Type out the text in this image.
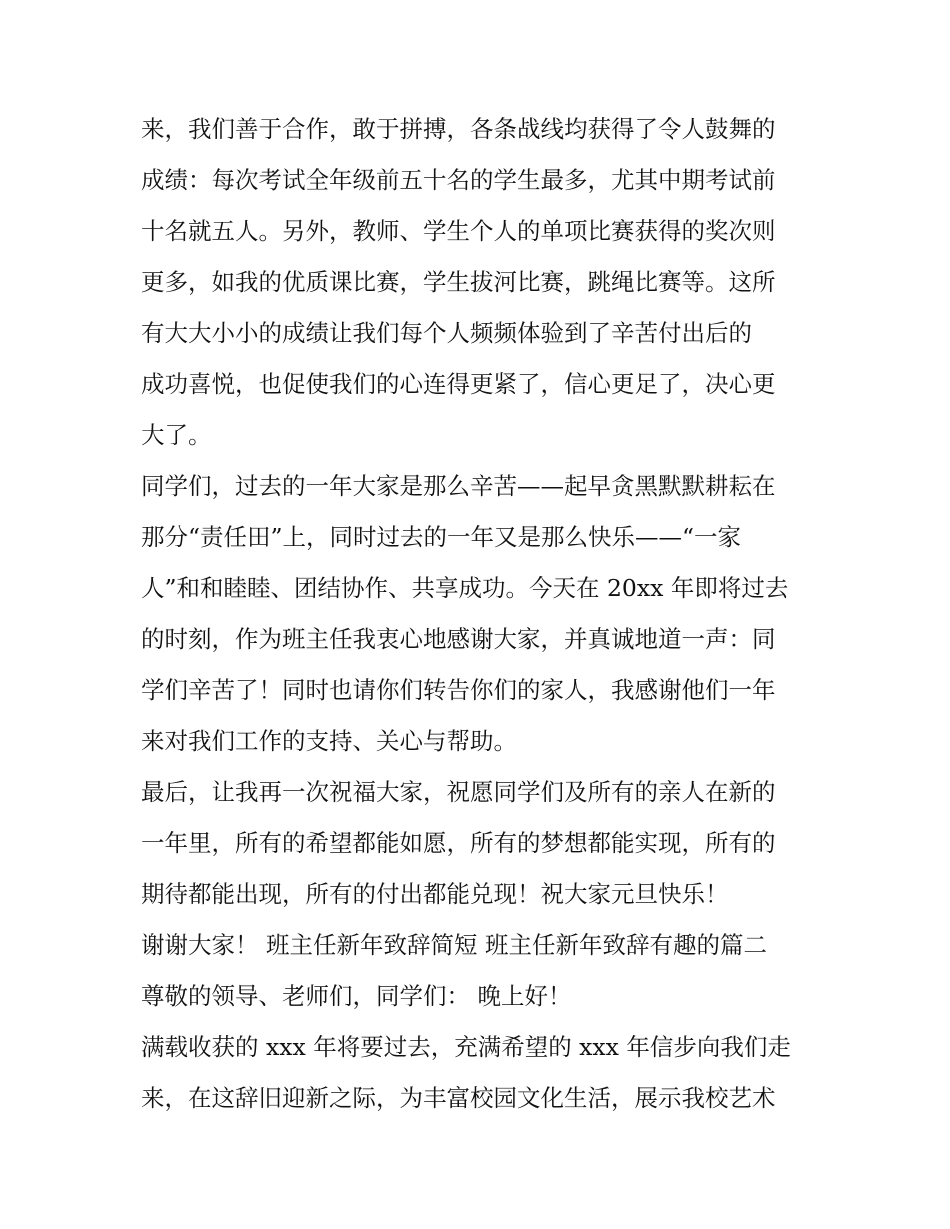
来，我们善于合作，敢于拼搏，各条战线均获得了令人鼓舞的
成绩：每次考试全年级前五十名的学生最多，尤其中期考试前
十名就五人。另外，教师、学生个人的单项比赛获得的奖次则
更多，如我的优质课比赛，学生拔河比赛，跳绳比赛等。这所
有大大小小的成绩让我们每个人频频体验到了辛苦付出后的
成功喜悦，也促使我们的心连得更紧了，信心更足了，决心更
大了。
同学们，过去的一年大家是那么辛苦——起早贪黑默默耕耘在
那分“责任田”上，同时过去的一年又是那么快乐——“一家
人”和和睦睦、团结协作、共享成功。今天在 20xx 年即将过去
的时刻，作为班主任我衷心地感谢大家，并真诚地道一声：同
学们辛苦了！同时也请你们转告你们的家人，我感谢他们一年
来对我们工作的支持、关心与帮助。
最后，让我再一次祝福大家，祝愿同学们及所有的亲人在新的
一年里，所有的希望都能如愿，所有的梦想都能实现，所有的
期待都能出现，所有的付出都能兑现！祝大家元旦快乐！
谢谢大家！ 班主任新年致辞简短 班主任新年致辞有趣的篇二
尊敬的领导、老师们，同学们： 晚上好！
满载收获的 xxx 年将要过去，充满希望的 xxx 年信步向我们走
来，在这辞旧迎新之际，为丰富校园文化生活，展示我校艺术
